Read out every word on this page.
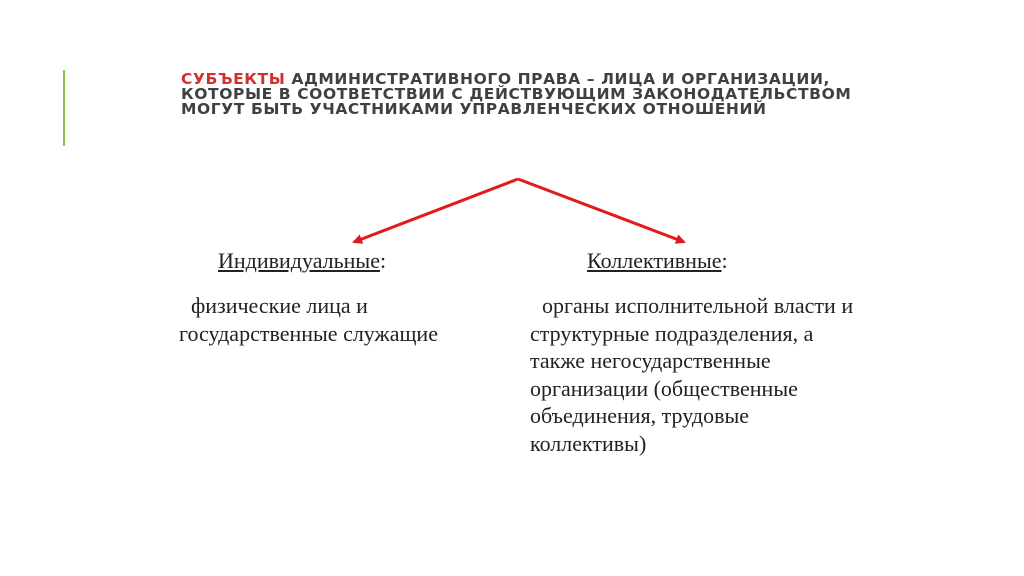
СУБЪЕКТЫ АДМИНИСТРАТИВНОГО ПРАВА – ЛИЦА И ОРГАНИЗАЦИИ, КОТОРЫЕ В СООТВЕТСТВИИ С ДЕЙСТВУЮЩИМ ЗАКОНОДАТЕЛЬСТВОМ МОГУТ БЫТЬ УЧАСТНИКАМИ УПРАВЛЕНЧЕСКИХ ОТНОШЕНИЙ
Индивидуальные:	Коллективные:
физические лица и государственные служащие
органы исполнительной власти и структурные подразделения, а также негосударственные организации (общественные объединения, трудовые коллективы)
